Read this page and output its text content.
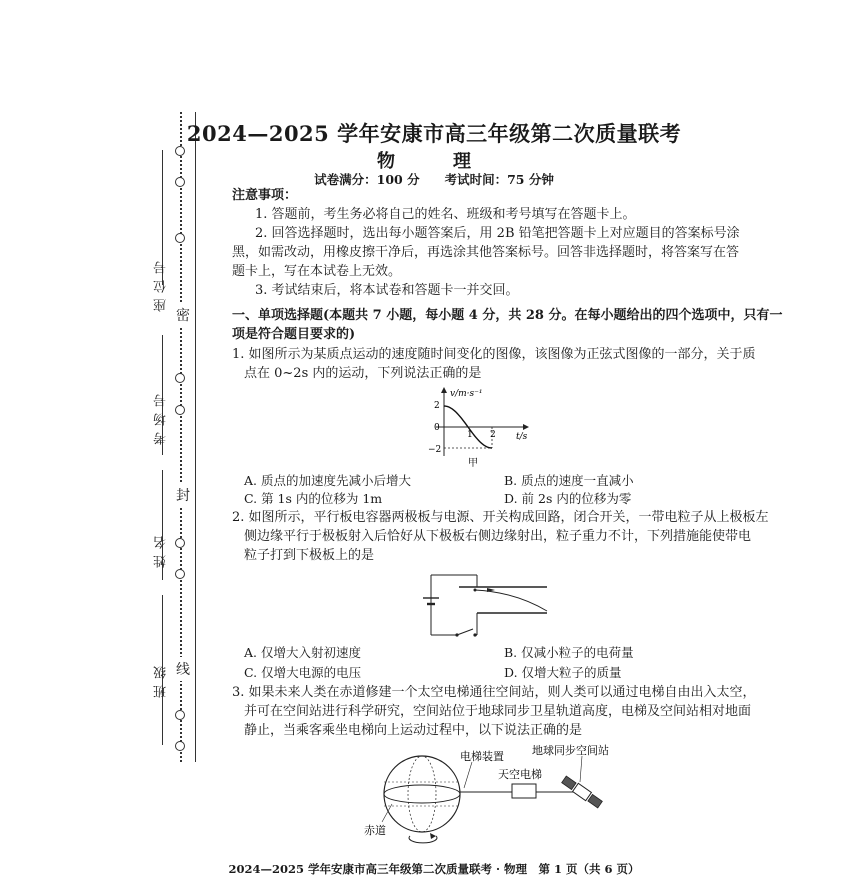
座位号
考场号
姓名
班级
密
封
线
2024—2025 学年安康市高三年级第二次质量联考
物　理
试卷满分：100 分　　考试时间：75 分钟
注意事项：
1. 答题前，考生务必将自己的姓名、班级和考号填写在答题卡上。
2. 回答选择题时，选出每小题答案后，用 2B 铅笔把答题卡上对应题目的答案标号涂
黑，如需改动，用橡皮擦干净后，再选涂其他答案标号。回答非选择题时，将答案写在答
题卡上，写在本试卷上无效。
3. 考试结束后，将本试卷和答题卡一并交回。
一、单项选择题(本题共 7 小题，每小题 4 分，共 28 分。在每小题给出的四个选项中，只有一
项是符合题目要求的)
1. 如图所示为某质点运动的速度随时间变化的图像，该图像为正弦式图像的一部分，关于质
点在 0~2s 内的运动，下列说法正确的是
v/m·s⁻¹
t/s
2
0
−2
1 2
甲
A. 质点的加速度先减小后增大	B. 质点的速度一直减小
C. 第 1s 内的位移为 1m	D. 前 2s 内的位移为零
2. 如图所示，平行板电容器两极板与电源、开关构成回路，闭合开关，一带电粒子从上极板左
侧边缘平行于极板射入后恰好从下极板右侧边缘射出，粒子重力不计，下列措施能使带电
粒子打到下极板上的是
A. 仅增大入射初速度	B. 仅减小粒子的电荷量
C. 仅增大电源的电压	D. 仅增大粒子的质量
3. 如果未来人类在赤道修建一个太空电梯通往空间站，则人类可以通过电梯自由出入太空，
并可在空间站进行科学研究，空间站位于地球同步卫星轨道高度，电梯及空间站相对地面
静止，当乘客乘坐电梯向上运动过程中，以下说法正确的是
电梯装置	地球同步空间站
天空电梯
赤道
2024—2025 学年安康市高三年级第二次质量联考 · 物理　第 1 页（共 6 页）
